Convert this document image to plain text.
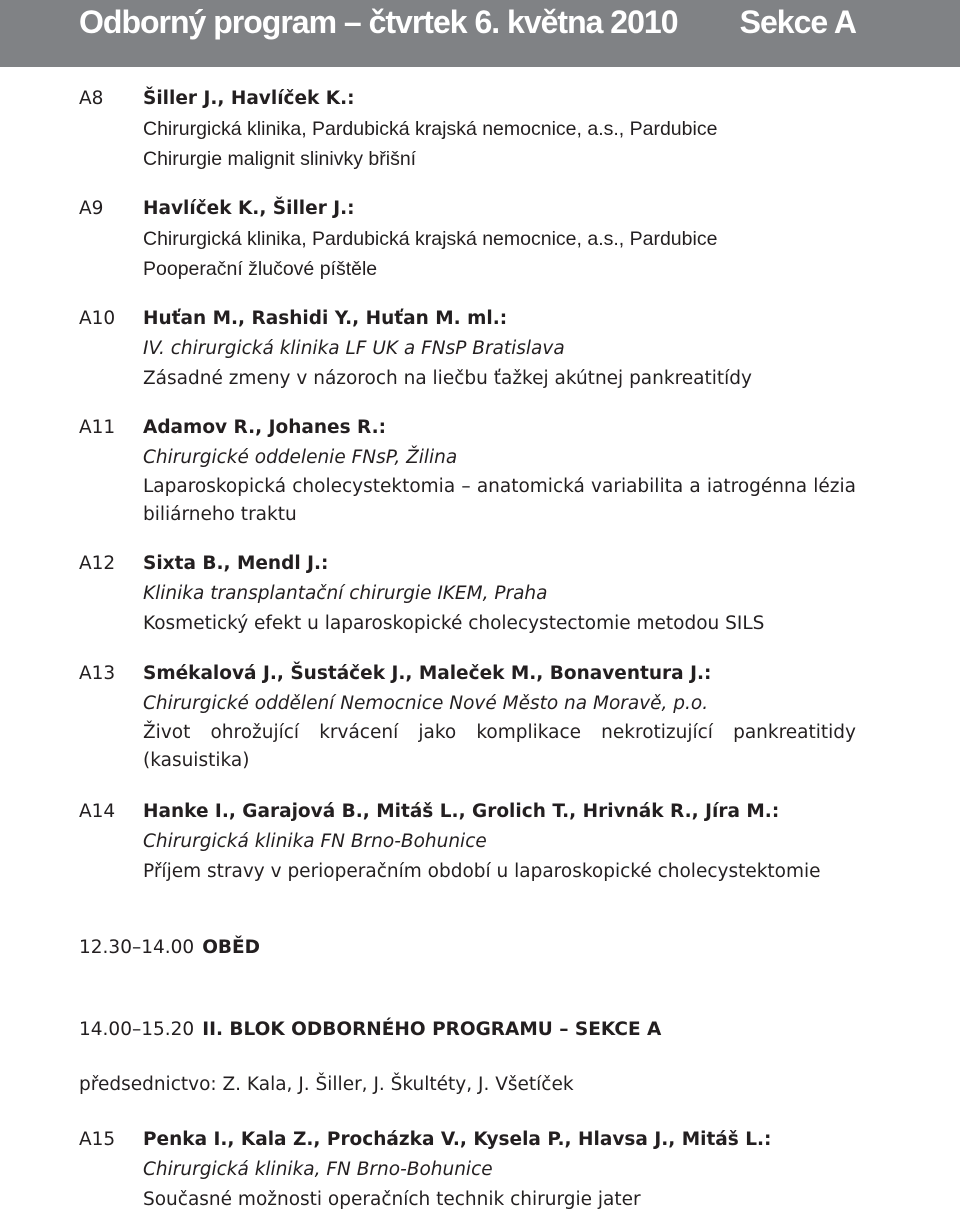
Odborný program – čtvrtek 6. května 2010 Sekce A
A8 Šiller J., Havlíček K.:
Chirurgická klinika, Pardubická krajská nemocnice, a.s., Pardubice
Chirurgie malignit slinivky břišní
A9 Havlíček K., Šiller J.:
Chirurgická klinika, Pardubická krajská nemocnice, a.s., Pardubice
Pooperační žlučové píštěle
A10 Huťan M., Rashidi Y., Huťan M. ml.:
IV. chirurgická klinika LF UK a FNsP Bratislava
Zásadné zmeny v názoroch na liečbu ťažkej akútnej pankreatitídy
A11 Adamov R., Johanes R.:
Chirurgické oddelenie FNsP, Žilina
Laparoskopická cholecystektomia – anatomická variabilita a iatrogénna lézia biliárneho traktu
A12 Sixta B., Mendl J.:
Klinika transplantační chirurgie IKEM, Praha
Kosmetický efekt u laparoskopické cholecystectomie metodou SILS
A13 Smékalová J., Šustáček J., Maleček M., Bonaventura J.:
Chirurgické oddělení Nemocnice Nové Město na Moravě, p.o.
Život ohrožující krvácení jako komplikace nekrotizující pankreatitidy (kasuistika)
A14 Hanke I., Garajová B., Mitáš L., Grolich T., Hrivnák R., Jíra M.:
Chirurgická klinika FN Brno-Bohunice
Příjem stravy v perioperačním období u laparoskopické cholecystektomie
12.30–14.00 OBĚD
14.00–15.20 II. BLOK ODBORNÉHO PROGRAMU – SEKCE A
předsednictvo: Z. Kala, J. Šiller, J. Škultéty, J. Všetíček
A15 Penka I., Kala Z., Procházka V., Kysela P., Hlavsa J., Mitáš L.:
Chirurgická klinika, FN Brno-Bohunice
Současné možnosti operačních technik chirurgie jater
